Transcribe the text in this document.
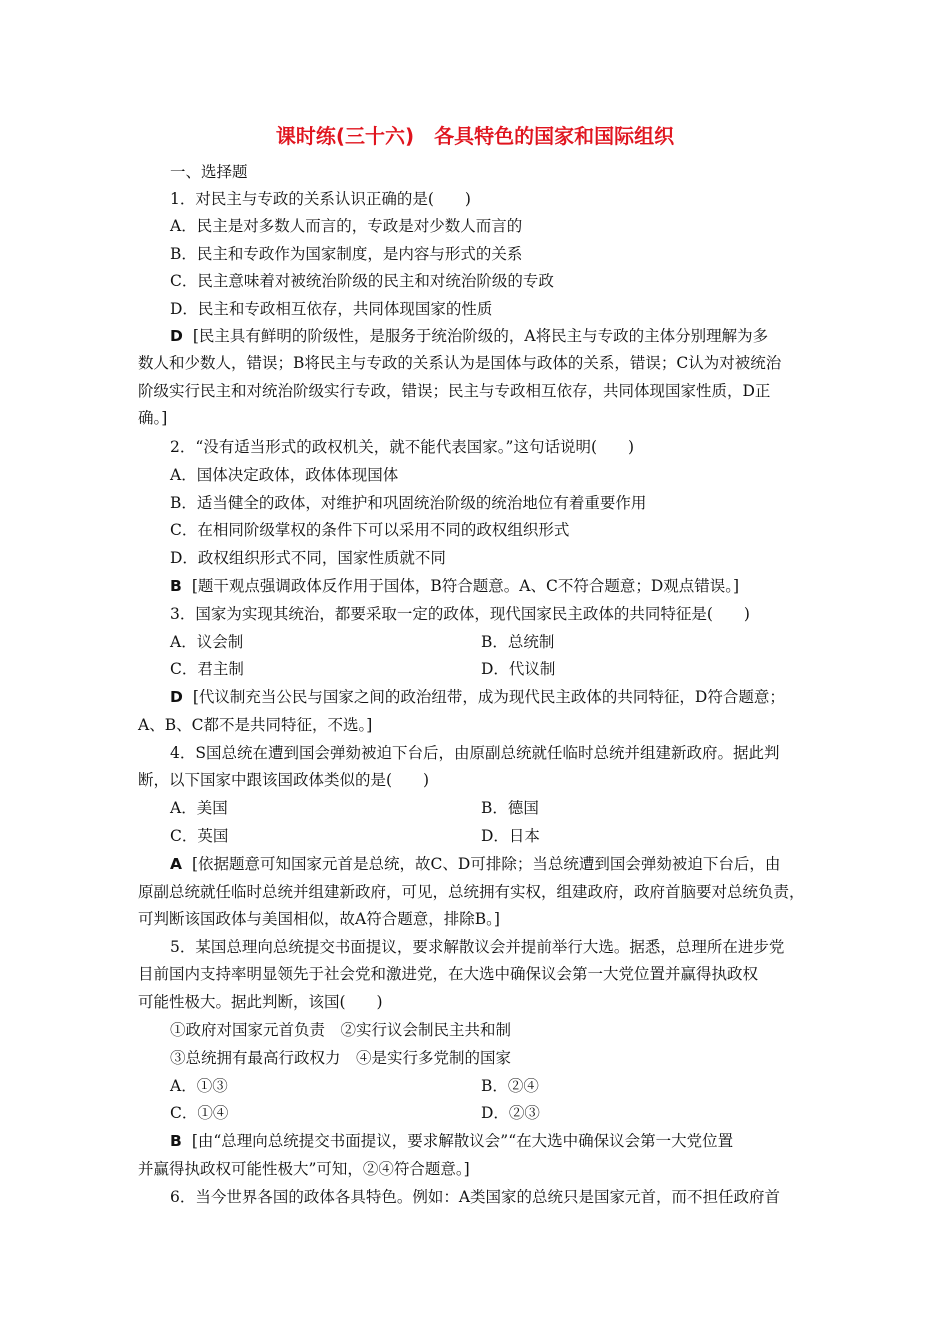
课时练(三十六)　各具特色的国家和国际组织
一、选择题
1．对民主与专政的关系认识正确的是(　　)
A．民主是对多数人而言的，专政是对少数人而言的
B．民主和专政作为国家制度，是内容与形式的关系
C．民主意味着对被统治阶级的民主和对统治阶级的专政
D．民主和专政相互依存，共同体现国家的性质
D [民主具有鲜明的阶级性，是服务于统治阶级的，A将民主与专政的主体分别理解为多
数人和少数人，错误；B将民主与专政的关系认为是国体与政体的关系，错误；C认为对被统治
阶级实行民主和对统治阶级实行专政，错误；民主与专政相互依存，共同体现国家性质，D正
确。]
2．“没有适当形式的政权机关，就不能代表国家。”这句话说明(　　)
A．国体决定政体，政体体现国体
B．适当健全的政体，对维护和巩固统治阶级的统治地位有着重要作用
C．在相同阶级掌权的条件下可以采用不同的政权组织形式
D．政权组织形式不同，国家性质就不同
B [题干观点强调政体反作用于国体，B符合题意。A、C不符合题意；D观点错误。]
3．国家为实现其统治，都要采取一定的政体，现代国家民主政体的共同特征是(　　)
A．议会制	B．总统制
C．君主制	D．代议制
D [代议制充当公民与国家之间的政治纽带，成为现代民主政体的共同特征，D符合题意；
A、B、C都不是共同特征，不选。]
4．S国总统在遭到国会弹劾被迫下台后，由原副总统就任临时总统并组建新政府。据此判
断，以下国家中跟该国政体类似的是(　　)
A．美国	B．德国
C．英国	D．日本
A [依据题意可知国家元首是总统，故C、D可排除；当总统遭到国会弹劾被迫下台后，由
原副总统就任临时总统并组建新政府，可见，总统拥有实权，组建政府，政府首脑要对总统负责，
可判断该国政体与美国相似，故A符合题意，排除B。]
5．某国总理向总统提交书面提议，要求解散议会并提前举行大选。据悉，总理所在进步党
目前国内支持率明显领先于社会党和激进党，在大选中确保议会第一大党位置并赢得执政权
可能性极大。据此判断，该国(　　)
①政府对国家元首负责　②实行议会制民主共和制
③总统拥有最高行政权力　④是实行多党制的国家
A．①③	B．②④
C．①④	D．②③
B [由“总理向总统提交书面提议，要求解散议会”“在大选中确保议会第一大党位置
并赢得执政权可能性极大”可知，②④符合题意。]
6．当今世界各国的政体各具特色。例如：A类国家的总统只是国家元首，而不担任政府首
